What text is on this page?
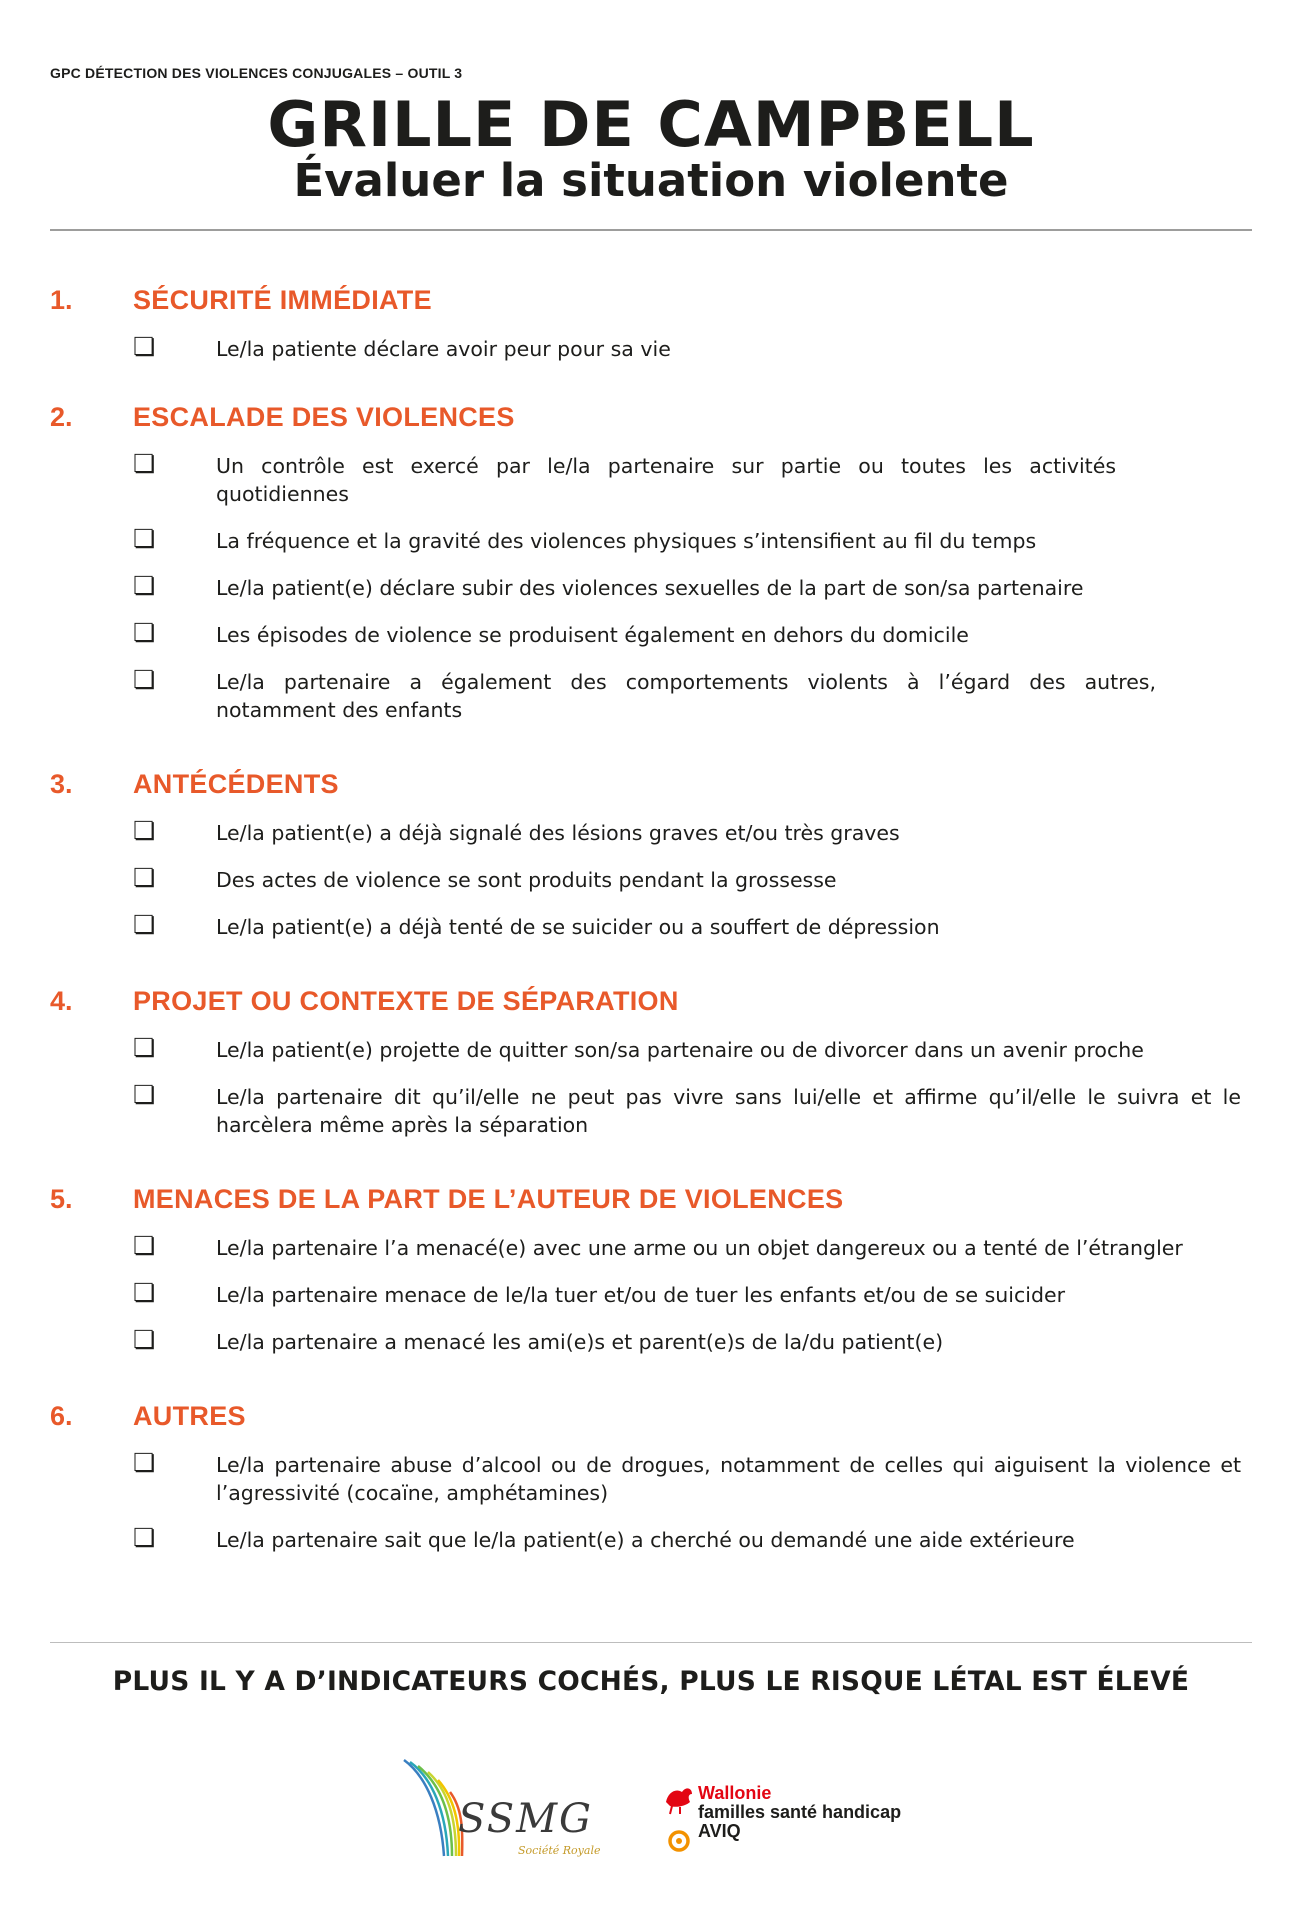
GPC DÉTECTION DES VIOLENCES CONJUGALES – OUTIL 3
GRILLE DE CAMPBELL
Évaluer la situation violente
1. SÉCURITÉ IMMÉDIATE
❏	Le/la patiente déclare avoir peur pour sa vie
2. ESCALADE DES VIOLENCES
❏	Un contrôle est exercé par le/la partenaire sur partie ou toutes les activités quotidiennes
❏	La fréquence et la gravité des violences physiques s’intensifient au fil du temps
❏	Le/la patient(e) déclare subir des violences sexuelles de la part de son/sa partenaire
❏	Les épisodes de violence se produisent également en dehors du domicile
❏	Le/la partenaire a également des comportements violents à l’égard des autres, notamment des enfants
3. ANTÉCÉDENTS
❏	Le/la patient(e) a déjà signalé des lésions graves et/ou très graves
❏	Des actes de violence se sont produits pendant la grossesse
❏	Le/la patient(e) a déjà tenté de se suicider ou a souffert de dépression
4. PROJET OU CONTEXTE DE SÉPARATION
❏	Le/la patient(e) projette de quitter son/sa partenaire ou de divorcer dans un avenir proche
❏	Le/la partenaire dit qu’il/elle ne peut pas vivre sans lui/elle et affirme qu’il/elle le suivra et le harcèlera même après la séparation
5. MENACES DE LA PART DE L’AUTEUR DE VIOLENCES
❏	Le/la partenaire l’a menacé(e) avec une arme ou un objet dangereux ou a tenté de l’étrangler
❏	Le/la partenaire menace de le/la tuer et/ou de tuer les enfants et/ou de se suicider
❏	Le/la partenaire a menacé les ami(e)s et parent(e)s de la/du patient(e)
6. AUTRES
❏	Le/la partenaire abuse d’alcool ou de drogues, notamment de celles qui aiguisent la violence et l’agressivité (cocaïne, amphétamines)
❏	Le/la partenaire sait que le/la patient(e) a cherché ou demandé une aide extérieure
PLUS IL Y A D’INDICATEURS COCHÉS, PLUS LE RISQUE LÉTAL EST ÉLEVÉ
SSMG
Société Royale
Wallonie
familles santé handicap
AVIQ
